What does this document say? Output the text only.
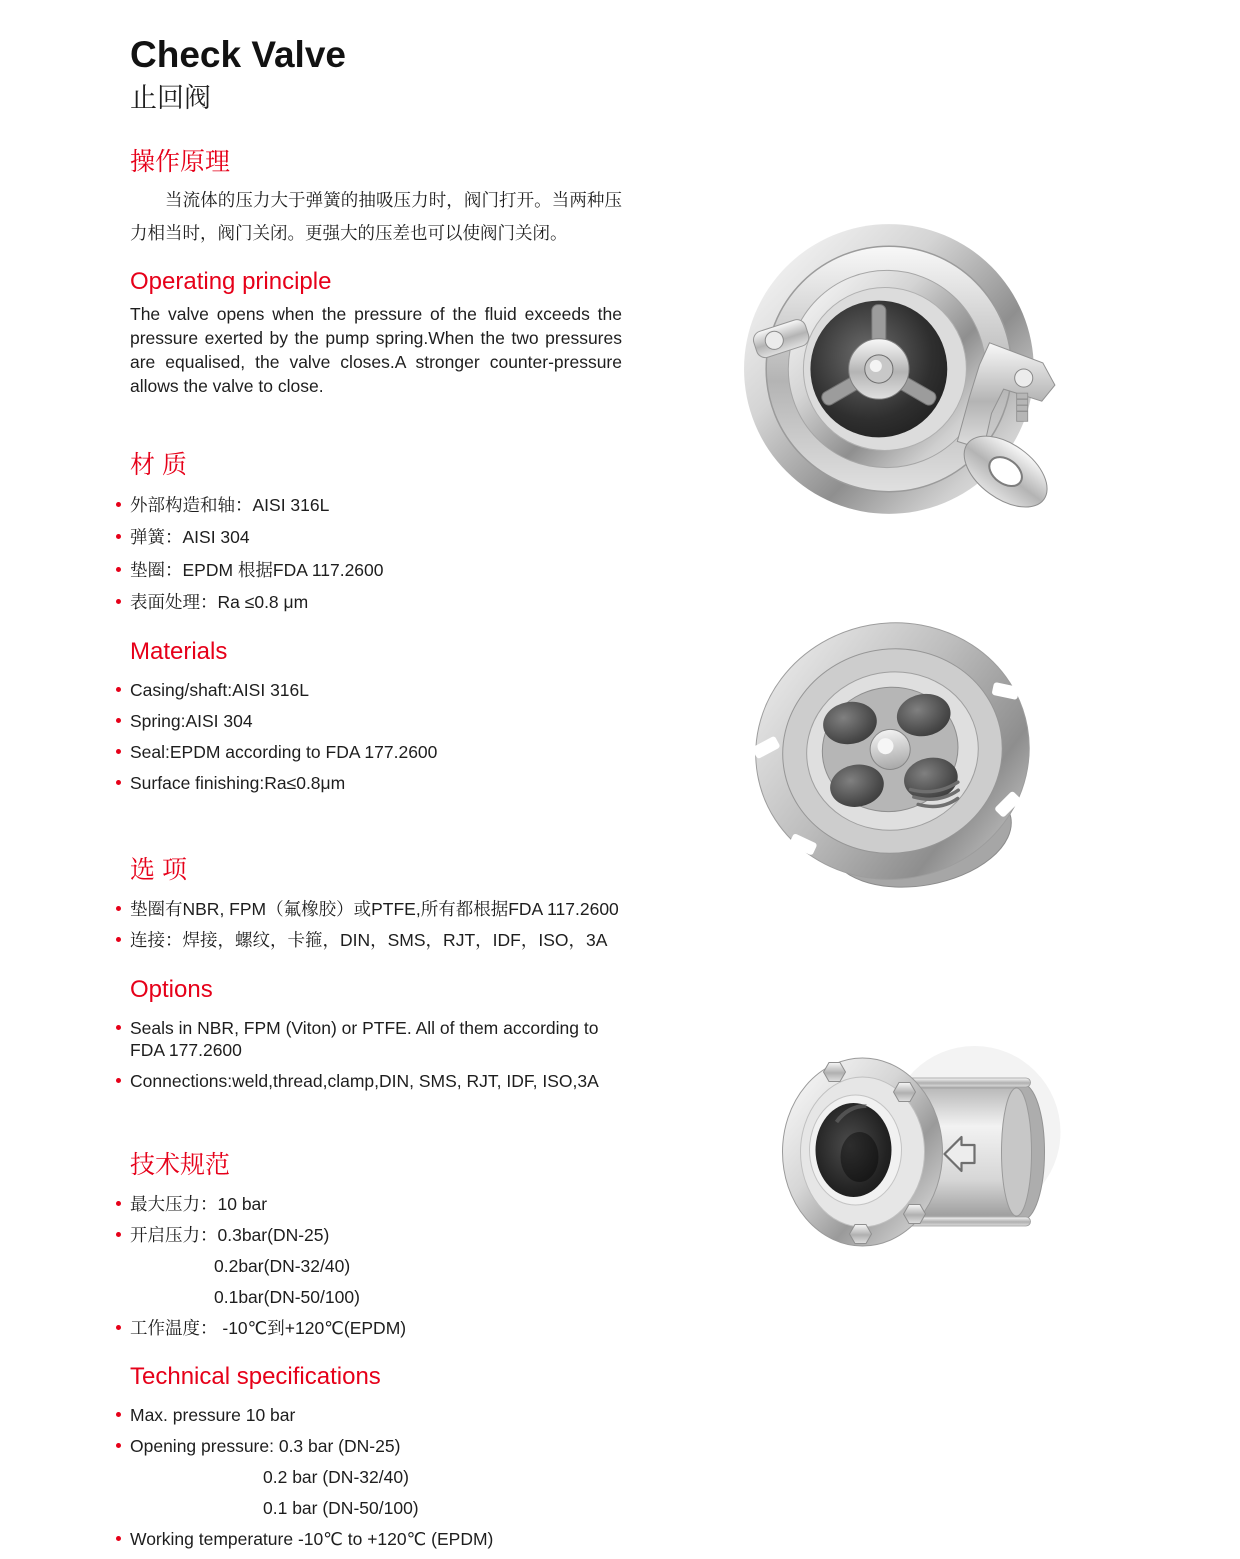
Check Valve
止回阀
操作原理

当流体的压力大于弹簧的抽吸压力时，阀门打开。当两种压力相当时，阀门关闭。更强大的压差也可以使阀门关闭。

Operating principle

The valve opens when the pressure of the fluid exceeds the pressure exerted by the pump spring.When the two pressures are equalised, the valve closes.A stronger counter-pressure allows the valve to close.

材 质
外部构造和轴：AISI 316L
弹簧：AISI 304
垫圈：EPDM 根据FDA 117.2600
表面处理：Ra ≤0.8 μm
Materials
Casing/shaft:AISI 316L
Spring:AISI 304
Seal:EPDM according to FDA 177.2600
Surface finishing:Ra≤0.8μm
选 项
垫圈有NBR, FPM（氟橡胶）或PTFE,所有都根据FDA 117.2600
连接：焊接，螺纹，卡箍，DIN，SMS，RJT，IDF，ISO，3A
Options
Seals in NBR, FPM (Viton) or PTFE. All of them according to FDA 177.2600
Connections:weld,thread,clamp,DIN, SMS, RJT, IDF, ISO,3A
技术规范
最大压力：10 bar
开启压力：0.3bar(DN-25)
0.2bar(DN-32/40)
0.1bar(DN-50/100)
工作温度： -10℃到+120℃(EPDM)
Technical specifications
Max. pressure 10 bar
Opening pressure: 0.3 bar (DN-25)
0.2 bar (DN-32/40)
0.1 bar (DN-50/100)
Working temperature -10℃ to +120℃ (EPDM)
